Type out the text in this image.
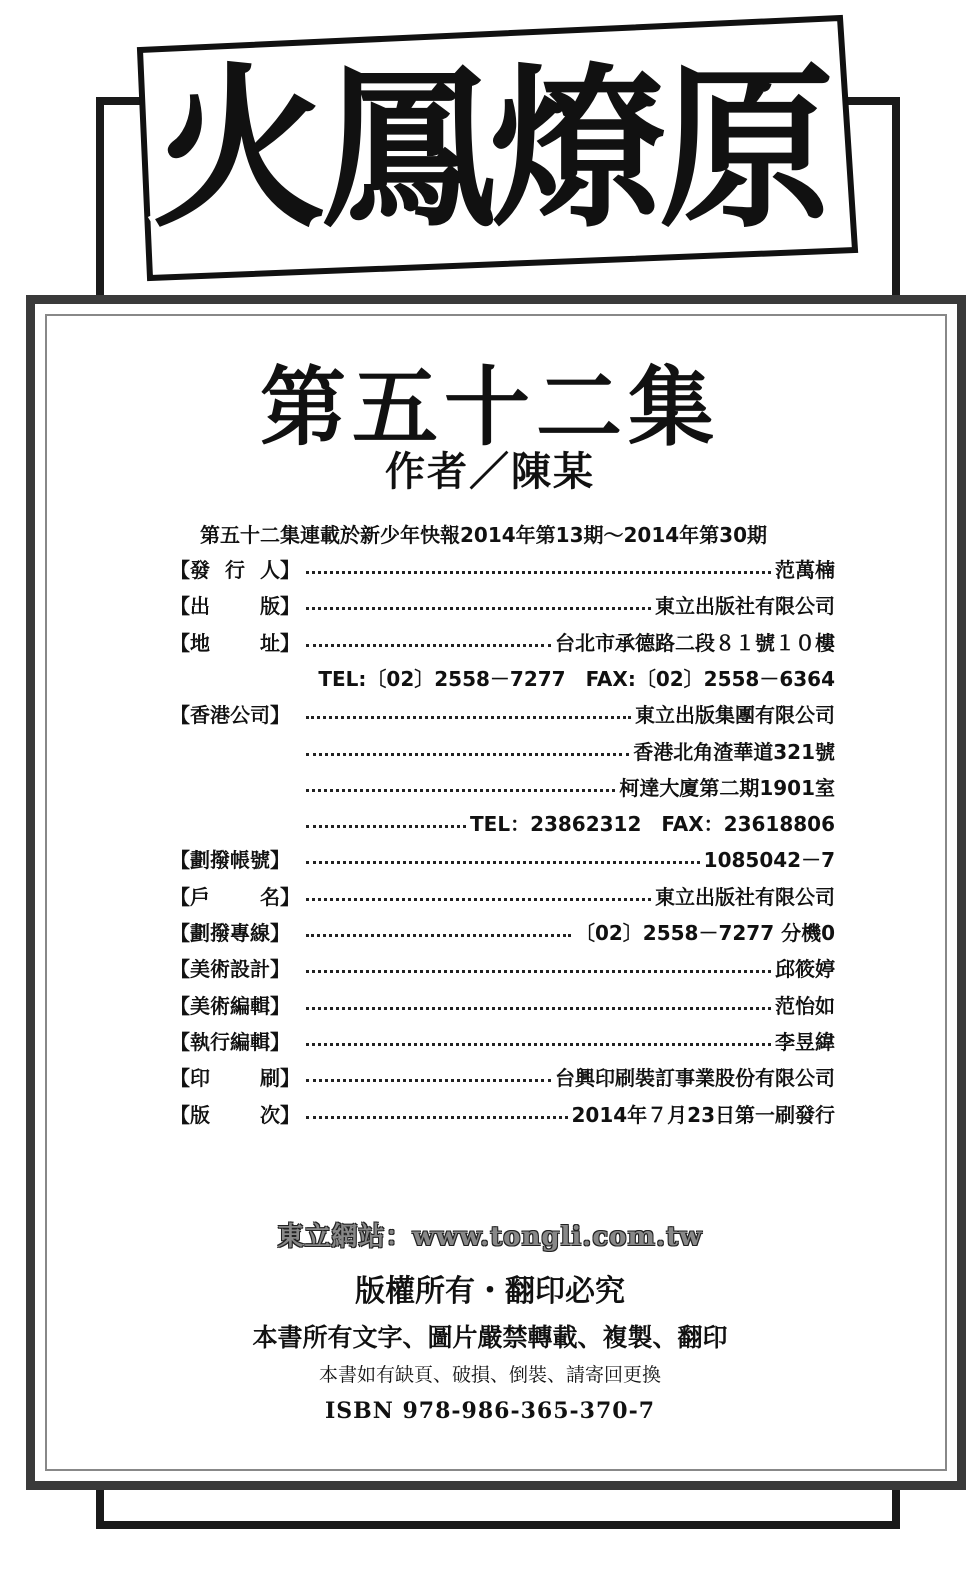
火鳳燎原
第五十二集
作者／陳某
第五十二集連載於新少年快報2014年第13期～2014年第30期
【發 行 人】	范萬楠
【出	版】	東立出版社有限公司
【地	址】	台北市承德路二段８１號１０樓
TEL:〔02〕2558－7277　FAX:〔02〕2558－6364
【香港公司】	東立出版集團有限公司
香港北角渣華道321號
柯達大廈第二期1901室
TEL：23862312　FAX：23618806
【劃撥帳號】	1085042－7
【戶	名】	東立出版社有限公司
【劃撥專線】	〔02〕2558－7277 分機0
【美術設計】	邱筱婷
【美術編輯】	范怡如
【執行編輯】	李昱緯
【印	刷】	台興印刷裝訂事業股份有限公司
【版	次】	2014年７月23日第一刷發行
東立網站：www.tongli.com.tw
版權所有・翻印必究
本書所有文字、圖片嚴禁轉載、複製、翻印
本書如有缺頁、破損、倒裝、請寄回更換
ISBN 978-986-365-370-7
